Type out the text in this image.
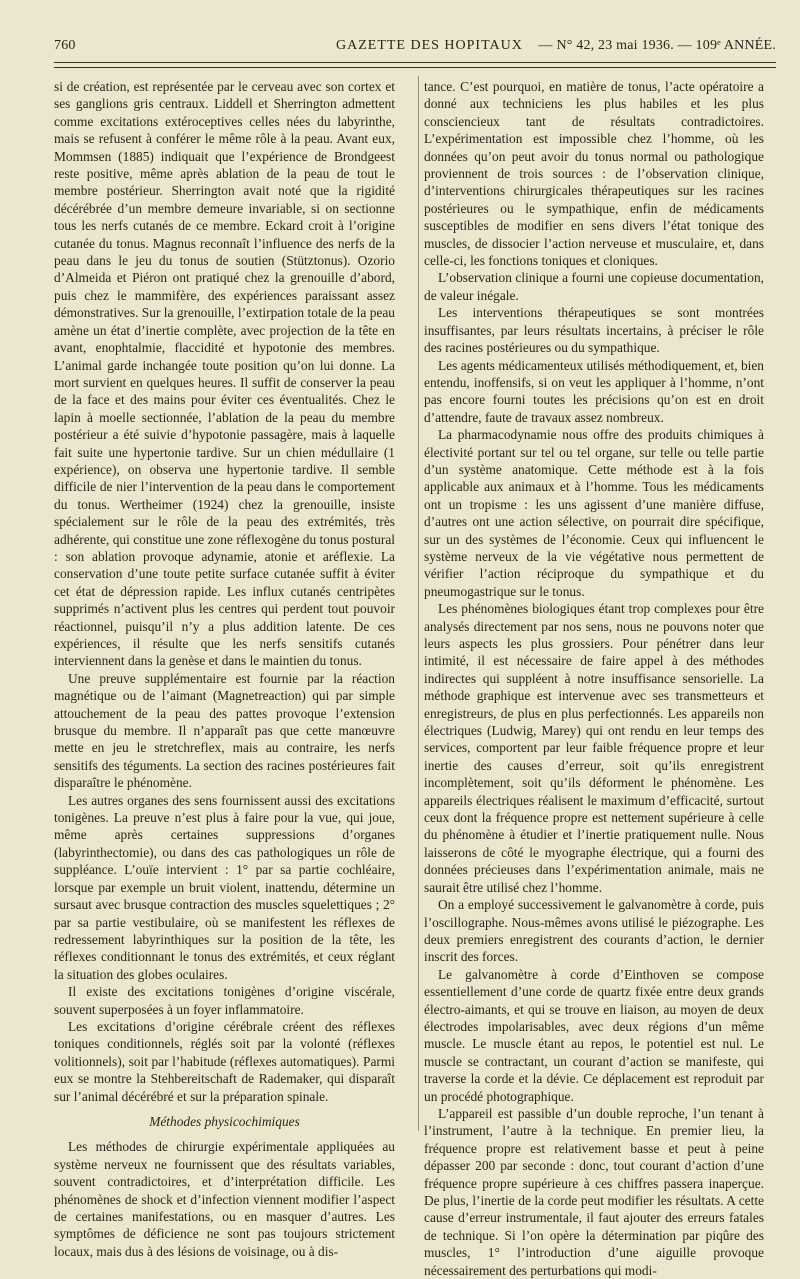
760	GAZETTE DES HOPITAUX — N° 42, 23 mai 1936. — 109ᵉ ANNÉE.

si de création, est représentée par le cerveau avec son cortex et ses ganglions gris centraux. Liddell et Sherrington admettent comme excitations extéroceptives celles nées du labyrinthe, mais se refusent à conférer le même rôle à la peau. Avant eux, Mommsen (1885) indiquait que l’expérience de Brondgeest reste positive, même après ablation de la peau de tout le membre postérieur. Sherrington avait noté que la rigidité décérébrée d’un membre demeure invariable, si on sectionne tous les nerfs cutanés de ce membre. Eckard croit à l’origine cutanée du tonus. Magnus reconnaît l’influence des nerfs de la peau dans le jeu du tonus de soutien (Stütztonus). Ozorio d’Almeida et Piéron ont pratiqué chez la grenouille d’abord, puis chez le mammifère, des expériences paraissant assez démonstratives. Sur la grenouille, l’extirpation totale de la peau amène un état d’inertie complète, avec projection de la tête en avant, enophtalmie, flaccidité et hypotonie des membres. L’animal garde inchangée toute position qu’on lui donne. La mort survient en quelques heures. Il suffit de conserver la peau de la face et des mains pour éviter ces éventualités. Chez le lapin à moelle sectionnée, l’ablation de la peau du membre postérieur a été suivie d’hypotonie passagère, mais à laquelle fait suite une hypertonie tardive. Sur un chien médullaire (1 expérience), on observa une hypertonie tardive. Il semble difficile de nier l’intervention de la peau dans le comportement du tonus. Wertheimer (1924) chez la grenouille, insiste spécialement sur le rôle de la peau des extrémités, très adhérente, qui constitue une zone réflexogène du tonus postural : son ablation provoque adynamie, atonie et aréflexie. La conservation d’une toute petite surface cutanée suffit à éviter cet état de dépression rapide. Les influx cutanés centripètes supprimés n’activent plus les centres qui perdent tout pouvoir réactionnel, puisqu’il n’y a plus addition latente. De ces expériences, il résulte que les nerfs sensitifs cutanés interviennent dans la genèse et dans le maintien du tonus.

Une preuve supplémentaire est fournie par la réaction magnétique ou de l’aimant (Magnetreaction) qui par simple attouchement de la peau des pattes provoque l’extension brusque du membre. Il n’apparaît pas que cette manœuvre mette en jeu le stretchreflex, mais au contraire, les nerfs sensitifs des téguments. La section des racines postérieures fait disparaître le phénomène.

Les autres organes des sens fournissent aussi des excitations tonigènes. La preuve n’est plus à faire pour la vue, qui joue, même après certaines suppressions d’organes (labyrinthectomie), ou dans des cas pathologiques un rôle de suppléance. L’ouïe intervient : 1° par sa partie cochléaire, lorsque par exemple un bruit violent, inattendu, détermine un sursaut avec brusque contraction des muscles squelettiques ; 2° par sa partie vestibulaire, où se manifestent les réflexes de redressement labyrinthiques sur la position de la tête, les réflexes conditionnant le tonus des extrémités, et ceux réglant la situation des globes oculaires.

Il existe des excitations tonigènes d’origine viscérale, souvent superposées à un foyer inflammatoire.

Les excitations d’origine cérébrale créent des réflexes toniques conditionnels, réglés soit par la volonté (réflexes volitionnels), soit par l’habitude (réflexes automatiques). Parmi eux se montre la Stehbereitschaft de Rademaker, qui disparaît sur l’animal décérébré et sur la préparation spinale.

Méthodes physicochimiques

Les méthodes de chirurgie expérimentale appliquées au système nerveux ne fournissent que des résultats variables, souvent contradictoires, et d’interprétation difficile. Les phénomènes de shock et d’infection viennent modifier l’aspect de certaines manifestations, ou en masquer d’autres. Les symptômes de déficience ne sont pas toujours strictement locaux, mais dus à des lésions de voisinage, ou à dis-

tance. C’est pourquoi, en matière de tonus, l’acte opératoire a donné aux techniciens les plus habiles et les plus consciencieux tant de résultats contradictoires. L’expérimentation est impossible chez l’homme, où les données qu’on peut avoir du tonus normal ou pathologique proviennent de trois sources : de l’observation clinique, d’interventions chirurgicales thérapeutiques sur les racines postérieures ou le sympathique, enfin de médicaments susceptibles de modifier en sens divers l’état tonique des muscles, de dissocier l’action nerveuse et musculaire, et, dans celle-ci, les fonctions toniques et cloniques.

L’observation clinique a fourni une copieuse documentation, de valeur inégale.

Les interventions thérapeutiques se sont montrées insuffisantes, par leurs résultats incertains, à préciser le rôle des racines postérieures ou du sympathique.

Les agents médicamenteux utilisés méthodiquement, et, bien entendu, inoffensifs, si on veut les appliquer à l’homme, n’ont pas encore fourni toutes les précisions qu’on est en droit d’attendre, faute de travaux assez nombreux.

La pharmacodynamie nous offre des produits chimiques à électivité portant sur tel ou tel organe, sur telle ou telle partie d’un système anatomique. Cette méthode est à la fois applicable aux animaux et à l’homme. Tous les médicaments ont un tropisme : les uns agissent d’une manière diffuse, d’autres ont une action sélective, on pourrait dire spécifique, sur un des systèmes de l’économie. Ceux qui influencent le système nerveux de la vie végétative nous permettent de vérifier l’action réciproque du sympathique et du pneumogastrique sur le tonus.

Les phénomènes biologiques étant trop complexes pour être analysés directement par nos sens, nous ne pouvons noter que leurs aspects les plus grossiers. Pour pénétrer dans leur intimité, il est nécessaire de faire appel à des méthodes indirectes qui suppléent à notre insuffisance sensorielle. La méthode graphique est intervenue avec ses transmetteurs et enregistreurs, de plus en plus perfectionnés. Les appareils non électriques (Ludwig, Marey) qui ont rendu en leur temps des services, comportent par leur faible fréquence propre et leur inertie des causes d’erreur, soit qu’ils enregistrent incomplètement, soit qu’ils déforment le phénomène. Les appareils électriques réalisent le maximum d’efficacité, surtout ceux dont la fréquence propre est nettement supérieure à celle du phénomène à étudier et l’inertie pratiquement nulle. Nous laisserons de côté le myographe électrique, qui a fourni des données précieuses dans l’expérimentation animale, mais ne saurait être utilisé chez l’homme.

On a employé successivement le galvanomètre à corde, puis l’oscillographe. Nous-mêmes avons utilisé le piézographe. Les deux premiers enregistrent des courants d’action, le dernier inscrit des forces.

Le galvanomètre à corde d’Einthoven se compose essentiellement d’une corde de quartz fixée entre deux grands électro-aimants, et qui se trouve en liaison, au moyen de deux électrodes impolarisables, avec deux régions d’un même muscle. Le muscle étant au repos, le potentiel est nul. Le muscle se contractant, un courant d’action se manifeste, qui traverse la corde et la dévie. Ce déplacement est reproduit par un procédé photographique.

L’appareil est passible d’un double reproche, l’un tenant à l’instrument, l’autre à la technique. En premier lieu, la fréquence propre est relativement basse et peut à peine dépasser 200 par seconde : donc, tout courant d’action d’une fréquence propre supérieure à ces chiffres passera inaperçue. De plus, l’inertie de la corde peut modifier les résultats. A cette cause d’erreur instrumentale, il faut ajouter des erreurs fatales de technique. Si l’on opère la détermination par piqûre des muscles, 1° l’introduction d’une aiguille provoque nécessairement des perturbations qui modi-
